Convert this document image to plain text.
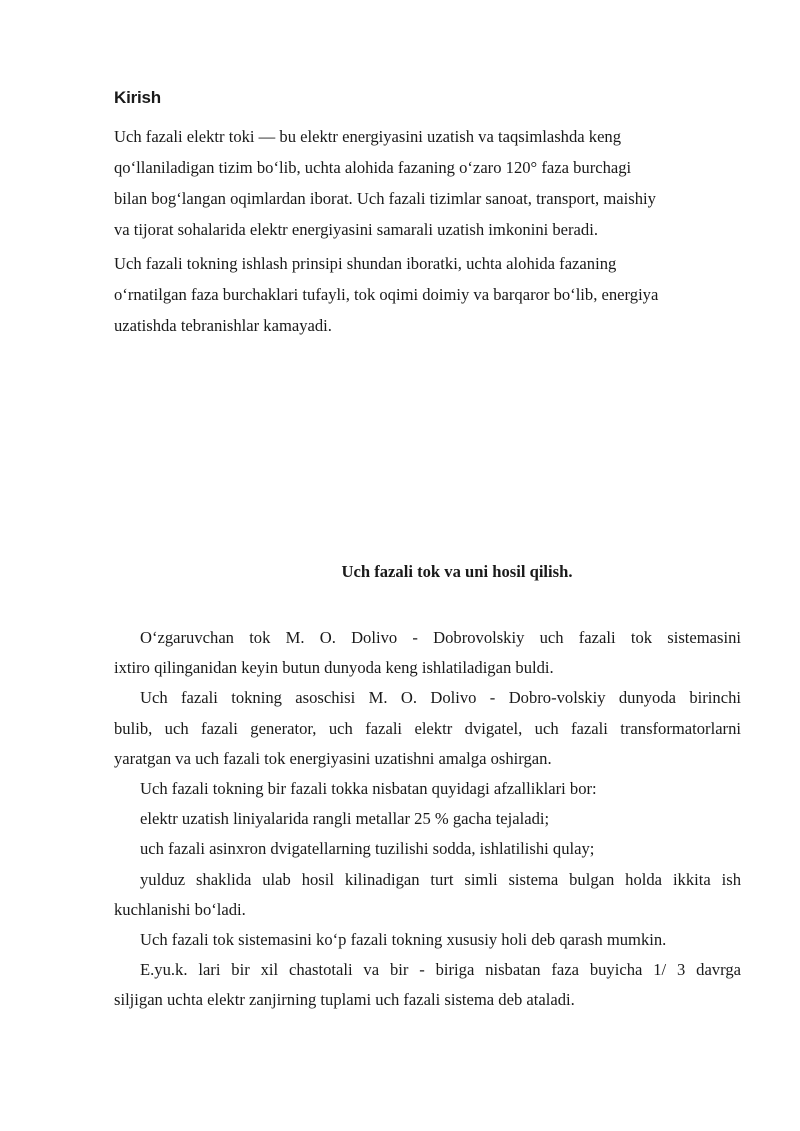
Kirish

Uch fazali elektr toki — bu elektr energiyasini uzatish va taqsimlashda keng
qo‘llaniladigan tizim bo‘lib, uchta alohida fazaning o‘zaro 120° faza burchagi
bilan bog‘langan oqimlardan iborat. Uch fazali tizimlar sanoat, transport, maishiy
va tijorat sohalarida elektr energiyasini samarali uzatish imkonini beradi.

Uch fazali tokning ishlash prinsipi shundan iboratki, uchta alohida fazaning
o‘rnatilgan faza burchaklari tufayli, tok oqimi doimiy va barqaror bo‘lib, energiya
uzatishda tebranishlar kamayadi.

Uch fazali tok va uni hosil qilish.
O‘zgaruvchan tok M. O. Dolivo - Dobrovolskiy uch fazali tok sistemasini
ixtiro qilinganidan keyin butun dunyoda keng ishlatiladigan buldi.
Uch fazali tokning asoschisi M. O. Dolivo - Dobro-volskiy dunyoda birinchi
bulib, uch fazali generator, uch fazali elektr dvigatel, uch fazali transformatorlarni
yaratgan va uch fazali tok energiyasini uzatishni amalga oshirgan.
Uch fazali tokning bir fazali tokka nisbatan quyidagi afzalliklari bor:
elektr uzatish liniyalarida rangli metallar 25 % gacha tejaladi;
uch fazali asinxron dvigatellarning tuzilishi sodda, ishlatilishi qulay;
yulduz shaklida ulab hosil kilinadigan turt simli sistema bulgan holda ikkita ish
kuchlanishi bo‘ladi.
Uch fazali tok sistemasini ko‘p fazali tokning xususiy holi deb qarash mumkin.
E.yu.k. lari bir xil chastotali va bir - biriga nisbatan faza buyicha 1/ 3 davrga
siljigan uchta elektr zanjirning tuplami uch fazali sistema deb ataladi.
